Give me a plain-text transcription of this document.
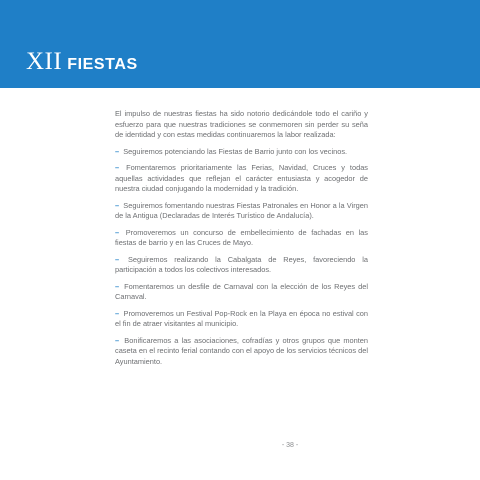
XII FIESTAS

El impulso de nuestras fiestas ha sido notorio dedicándole todo el cariño y esfuerzo para que nuestras tradiciones se conmemoren sin perder su seña de identidad y con estas medidas continuaremos la labor realizada:

– Seguiremos potenciando las Fiestas de Barrio junto con los vecinos.

– Fomentaremos prioritariamente las Ferias, Navidad, Cruces y todas aquellas actividades que reflejan el carácter entusiasta y acogedor de nuestra ciudad conjugando la modernidad y la tradición.

– Seguiremos fomentando nuestras Fiestas Patronales en Honor a la Virgen de la Antigua (Declaradas de Interés Turístico de Andalucía).

– Promoveremos un concurso de embellecimiento de fachadas en las fiestas de barrio y en las Cruces de Mayo.

– Seguiremos realizando la Cabalgata de Reyes, favoreciendo la participación a todos los colectivos interesados.

– Fomentaremos un desfile de Carnaval con la elección de los Reyes del Carnaval.

– Promoveremos un Festival Pop-Rock en la Playa en época no estival con el fin de atraer visitantes al municipio.

– Bonificaremos a las asociaciones, cofradías y otros grupos que monten caseta en el recinto ferial contando con el apoyo de los servicios técnicos del Ayuntamiento.

- 38 -
